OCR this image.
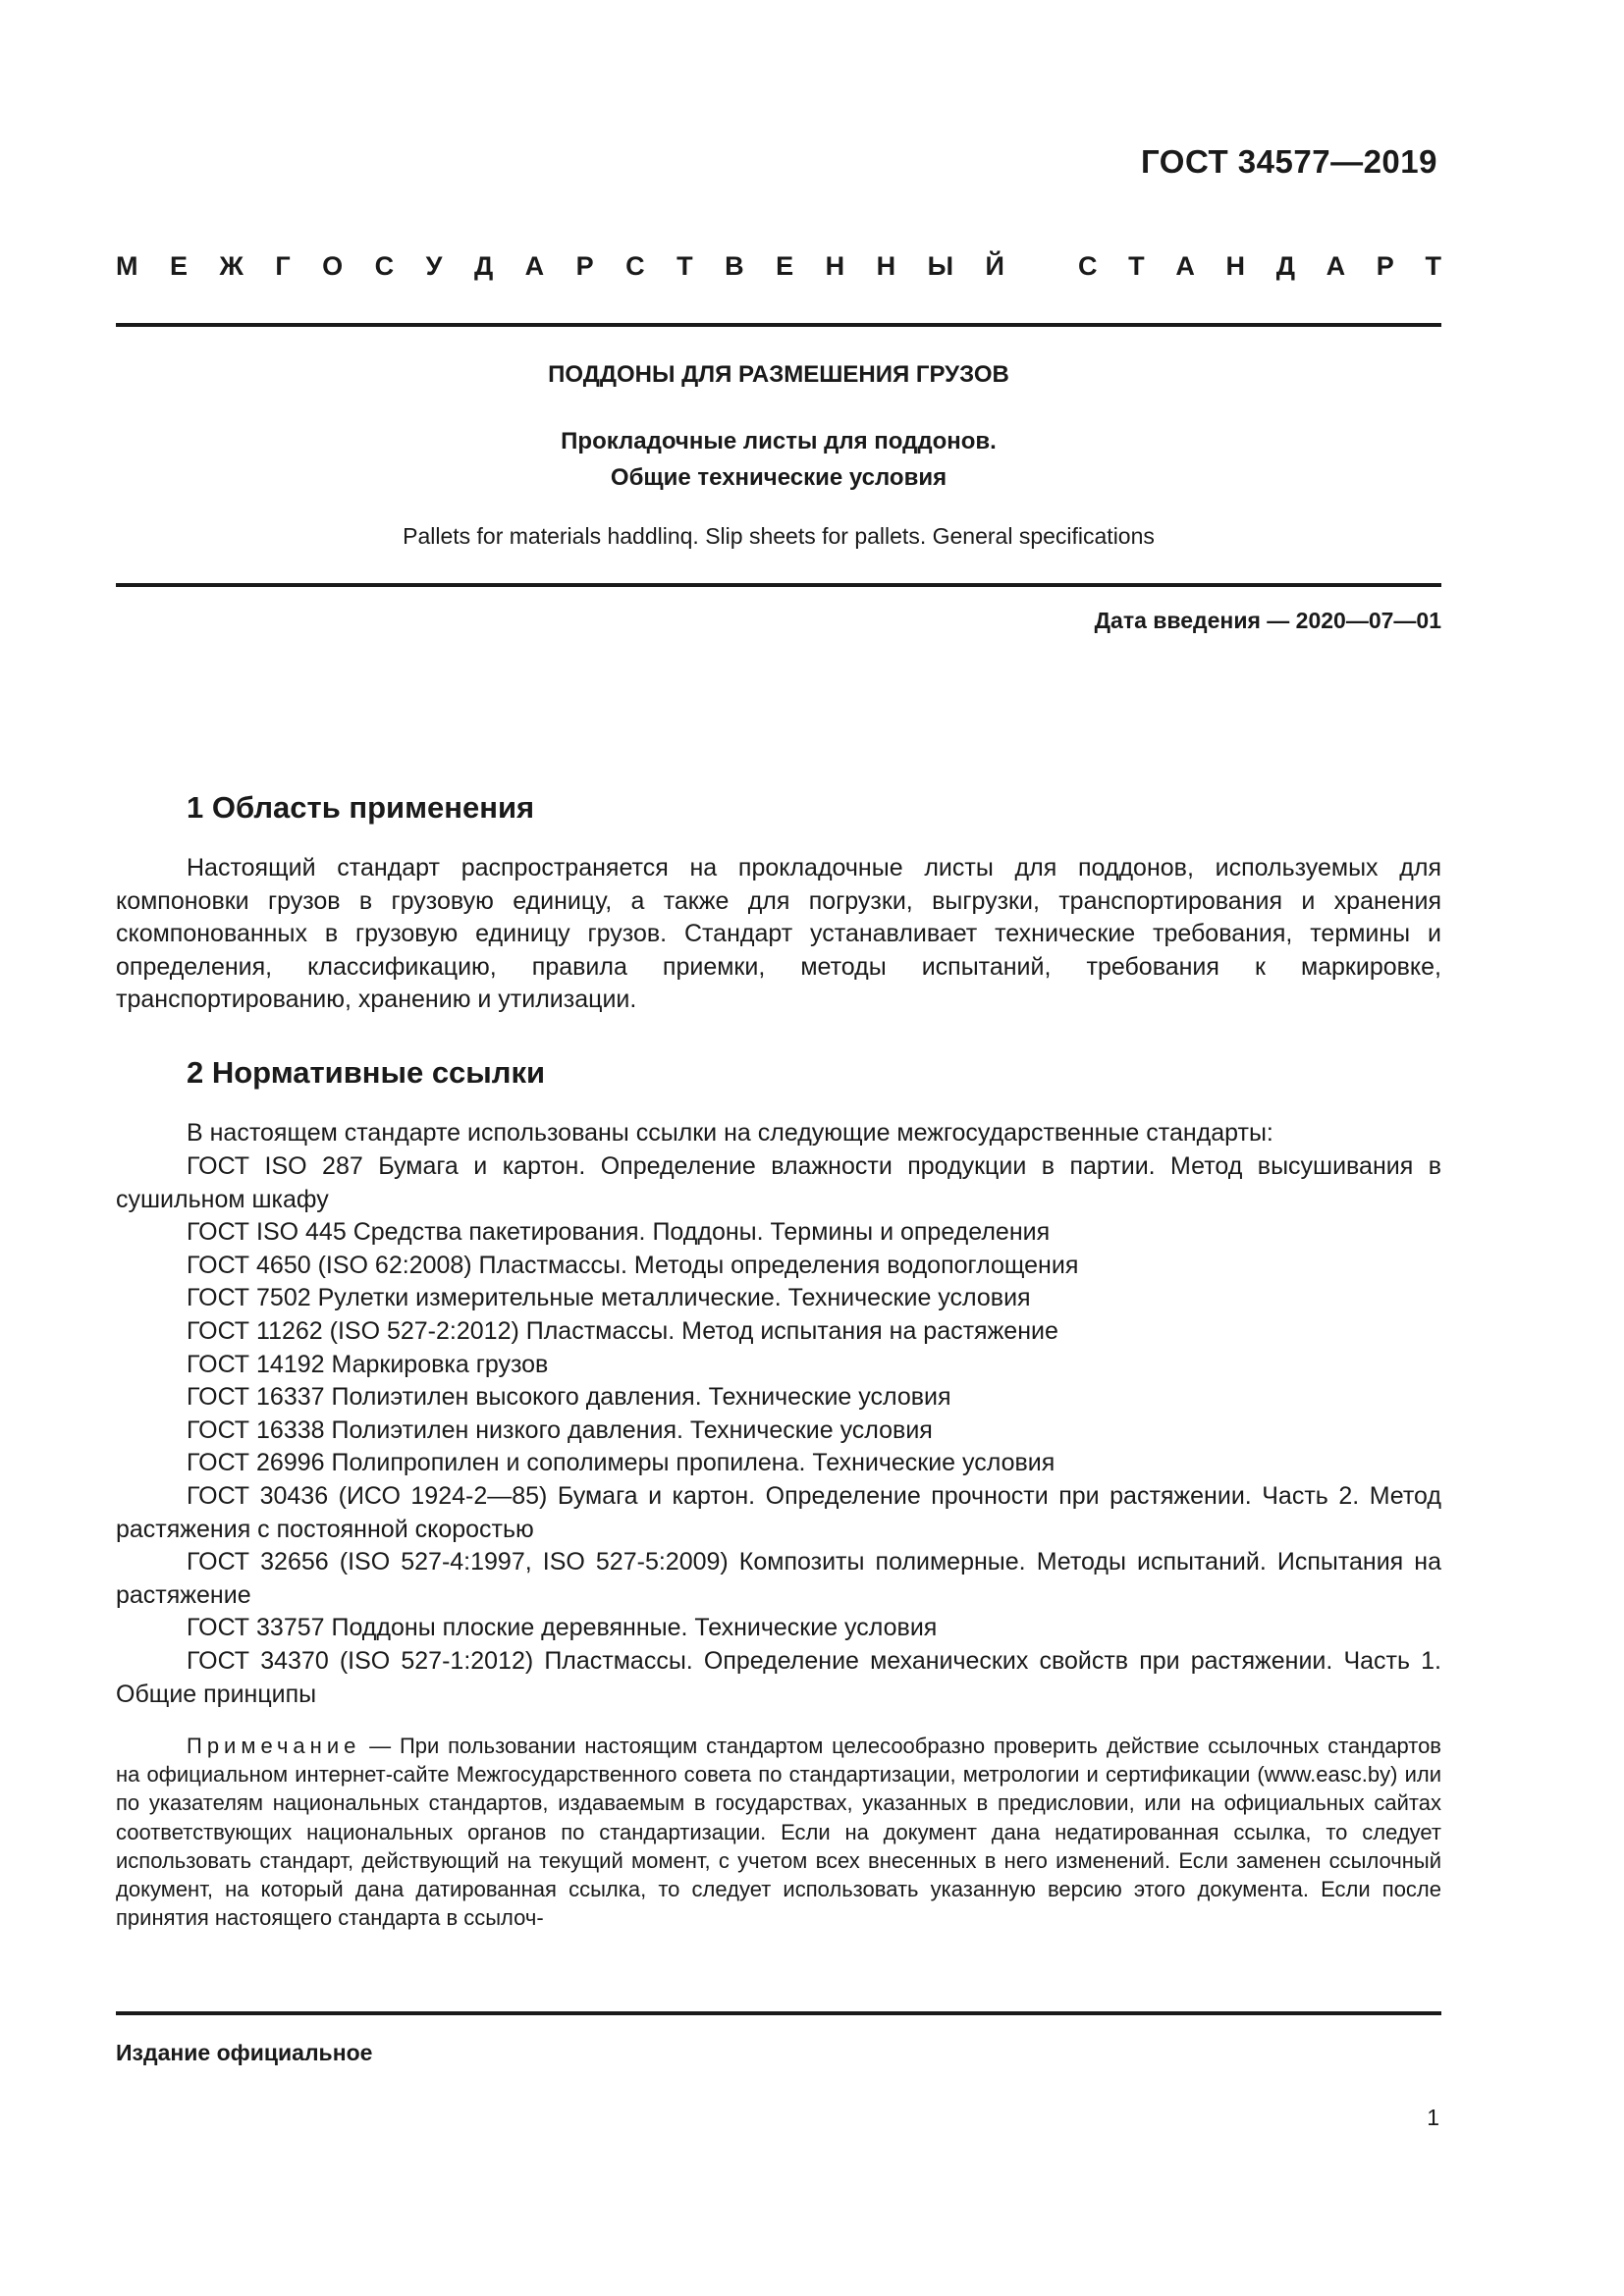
ГОСТ 34577—2019
М Е Ж Г О С У Д А Р С Т В Е Н Н Ы Й	С Т А Н Д А Р Т
ПОДДОНЫ ДЛЯ РАЗМЕШЕНИЯ ГРУЗОВ
Прокладочные листы для поддонов.
Общие технические условия
Pallets for materials haddlinq. Slip sheets for pallets. General specifications
Дата введения — 2020—07—01
1 Область применения

Настоящий стандарт распространяется на прокладочные листы для поддонов, используемых для компоновки грузов в грузовую единицу, а также для погрузки, выгрузки, транспортирования и хранения скомпонованных в грузовую единицу грузов. Стандарт устанавливает технические требования, термины и определения, классификацию, правила приемки, методы испытаний, требования к маркировке, транспортированию, хранению и утилизации.

2 Нормативные ссылки

В настоящем стандарте использованы ссылки на следующие межгосударственные стандарты:

ГОСТ ISO 287 Бумага и картон. Определение влажности продукции в партии. Метод высушивания в сушильном шкафу
ГОСТ ISO 445 Средства пакетирования. Поддоны. Термины и определения
ГОСТ 4650 (ISO 62:2008) Пластмассы. Методы определения водопоглощения
ГОСТ 7502 Рулетки измерительные металлические. Технические условия
ГОСТ 11262 (ISO 527-2:2012) Пластмассы. Метод испытания на растяжение
ГОСТ 14192 Маркировка грузов
ГОСТ 16337 Полиэтилен высокого давления. Технические условия
ГОСТ 16338 Полиэтилен низкого давления. Технические условия
ГОСТ 26996 Полипропилен и сополимеры пропилена. Технические условия
ГОСТ 30436 (ИСО 1924-2—85) Бумага и картон. Определение прочности при растяжении. Часть 2. Метод растяжения с постоянной скоростью
ГОСТ 32656 (ISO 527-4:1997, ISO 527-5:2009) Композиты полимерные. Методы испытаний. Испытания на растяжение
ГОСТ 33757 Поддоны плоские деревянные. Технические условия
ГОСТ 34370 (ISO 527-1:2012) Пластмассы. Определение механических свойств при растяжении. Часть 1. Общие принципы

Примечание — При пользовании настоящим стандартом целесообразно проверить действие ссылочных стандартов на официальном интернет-сайте Межгосударственного совета по стандартизации, метрологии и сертификации (www.easc.by) или по указателям национальных стандартов, издаваемым в государствах, указанных в предисловии, или на официальных сайтах соответствующих национальных органов по стандартизации. Если на документ дана недатированная ссылка, то следует использовать стандарт, действующий на текущий момент, с учетом всех внесенных в него изменений. Если заменен ссылочный документ, на который дана датированная ссылка, то следует использовать указанную версию этого документа. Если после принятия настоящего стандарта в ссылоч-

Издание официальное
1
